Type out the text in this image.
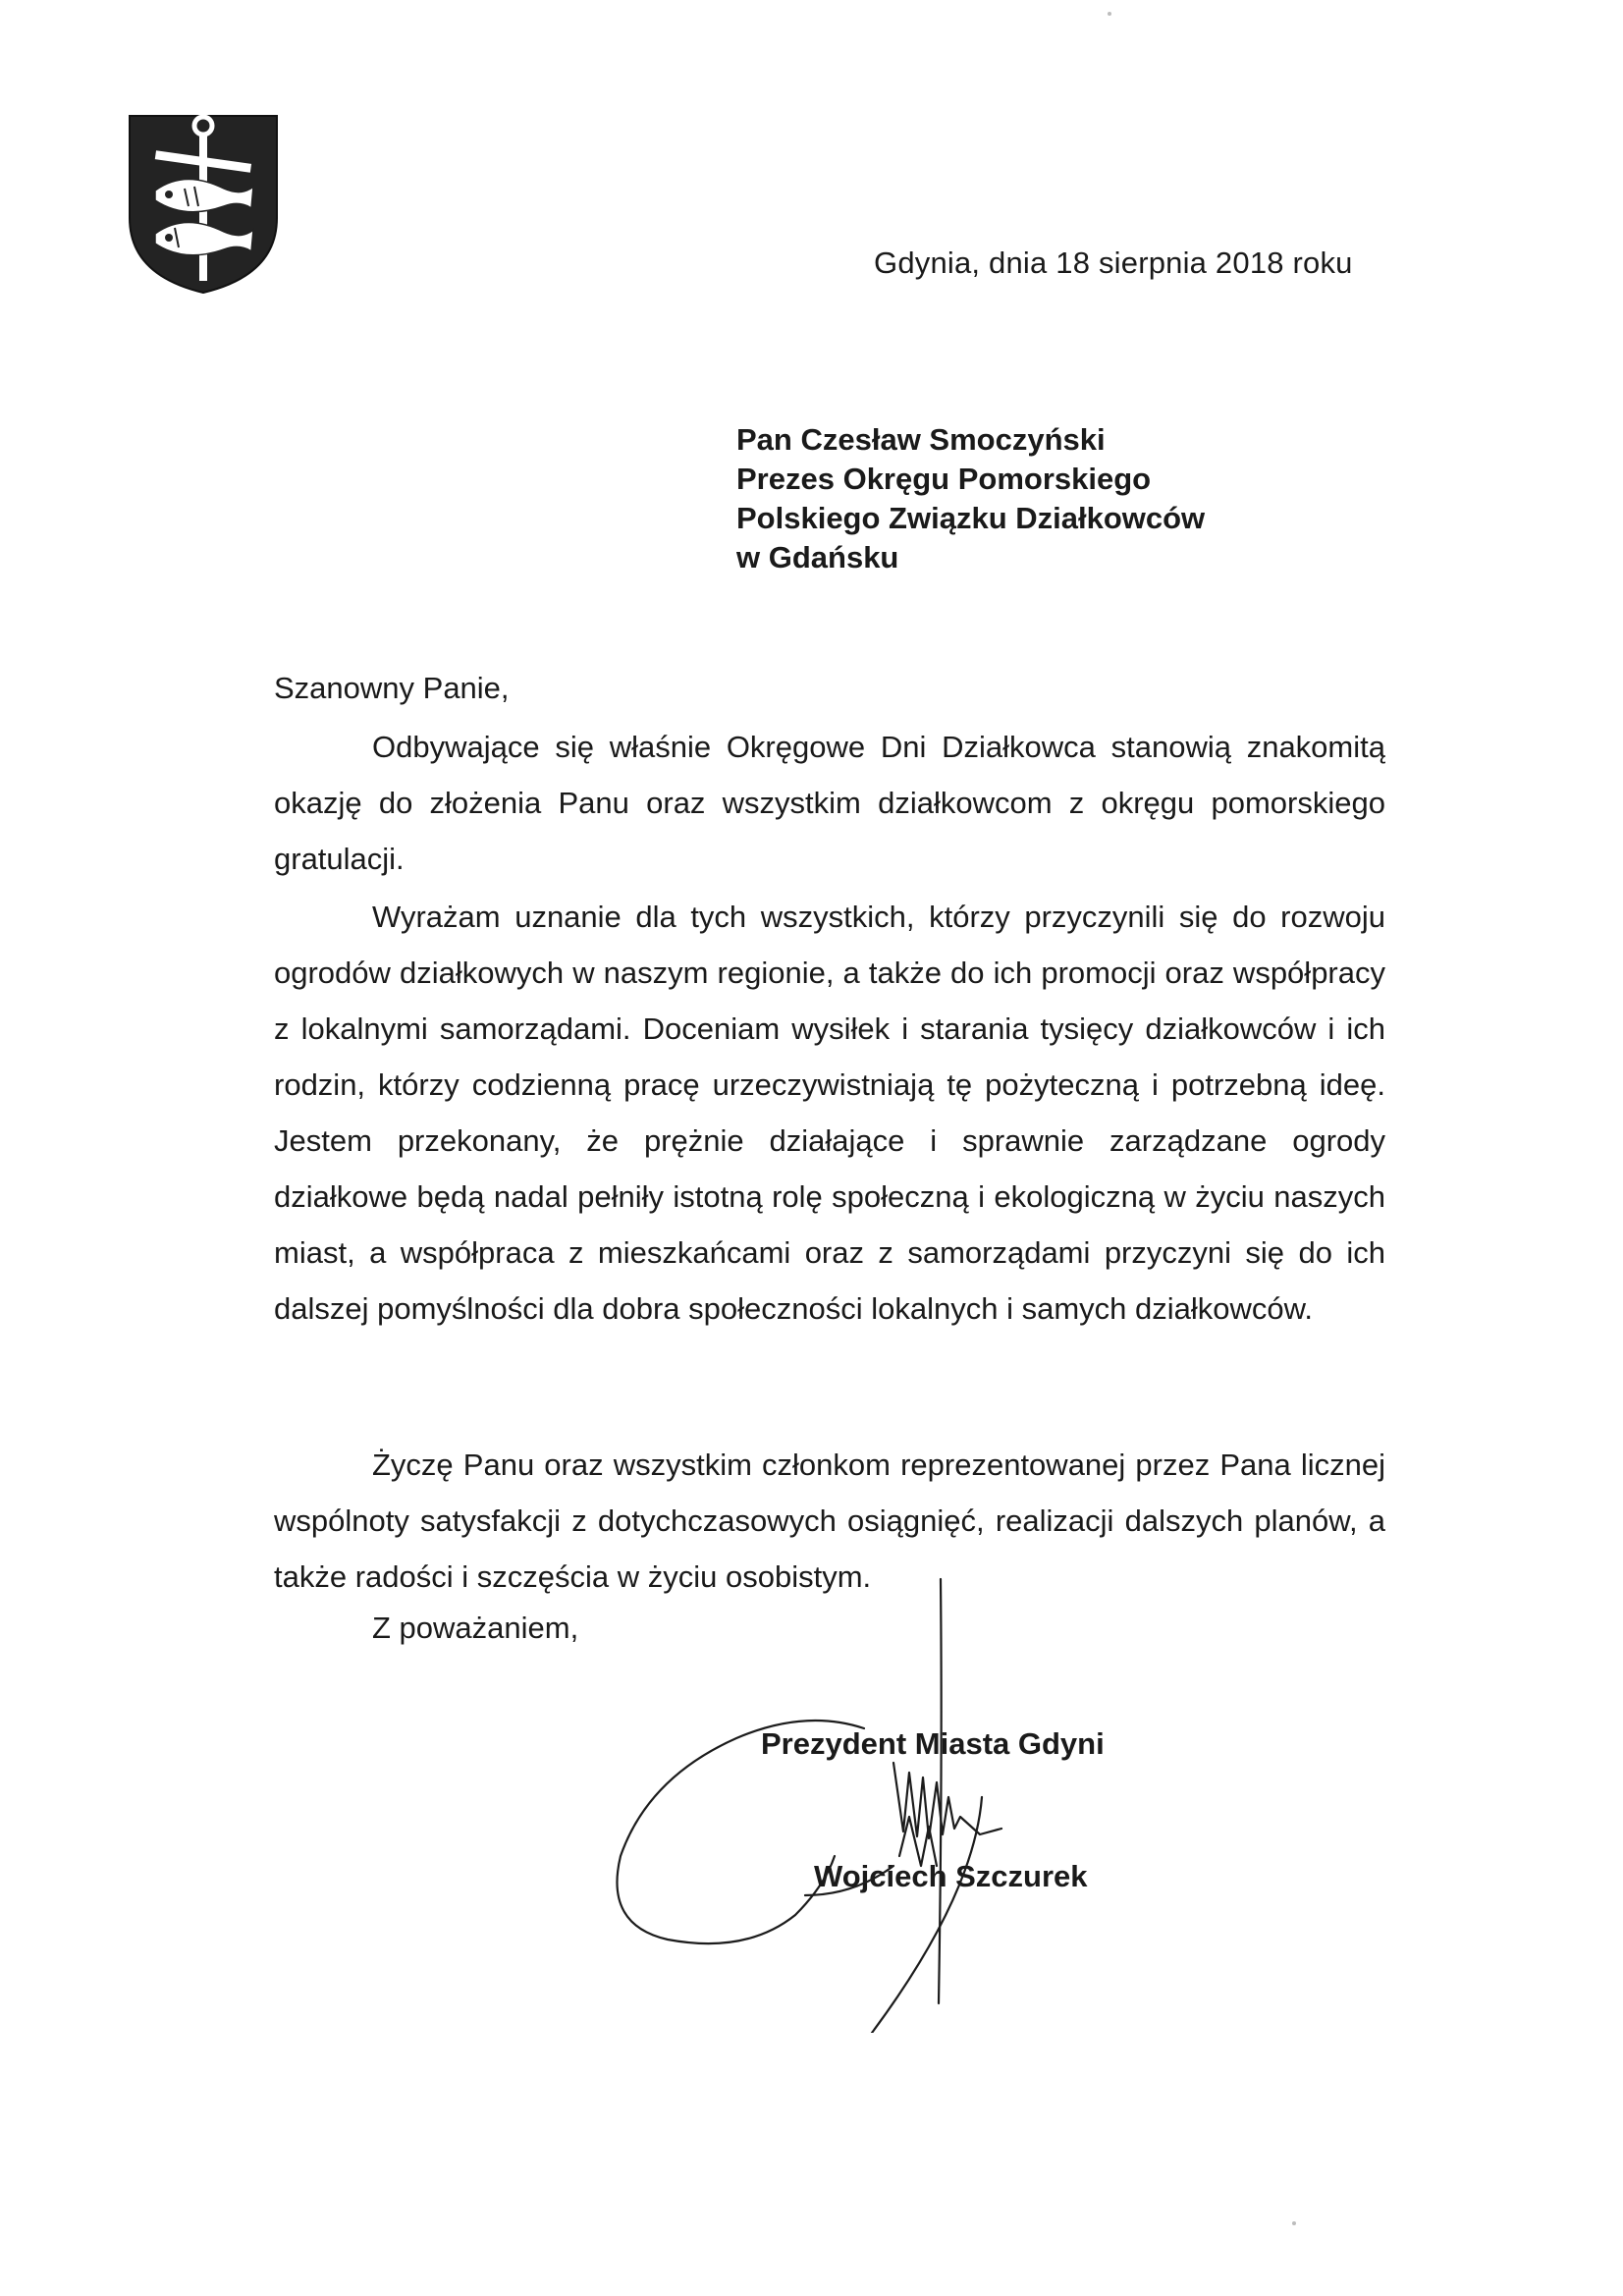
Gdynia, dnia 18 sierpnia 2018 roku
Pan Czesław Smoczyński
Prezes Okręgu Pomorskiego
Polskiego Związku Działkowców
w Gdańsku
Szanowny Panie,

Odbywające się właśnie Okręgowe Dni Działkowca stanowią znakomitą okazję do złożenia Panu oraz wszystkim działkowcom z okręgu pomorskiego gratulacji.

Wyrażam uznanie dla tych wszystkich, którzy przyczynili się do rozwoju ogrodów działkowych w naszym regionie, a także do ich promocji oraz współpracy z lokalnymi samorządami. Doceniam wysiłek i starania tysięcy działkowców i ich rodzin, którzy codzienną pracę urzeczywistniają tę pożyteczną i potrzebną ideę. Jestem przekonany, że prężnie działające i sprawnie zarządzane ogrody działkowe będą nadal pełniły istotną rolę społeczną i ekologiczną w życiu naszych miast, a współpraca z mieszkańcami oraz z samorządami przyczyni się do ich dalszej pomyślności dla dobra społeczności lokalnych i samych działkowców.

Życzę Panu oraz wszystkim członkom reprezentowanej przez Pana licznej wspólnoty satysfakcji z dotychczasowych osiągnięć, realizacji dalszych planów, a także radości i szczęścia w życiu osobistym.

Z poważaniem,
Prezydent Miasta Gdyni
Wojciech Szczurek
